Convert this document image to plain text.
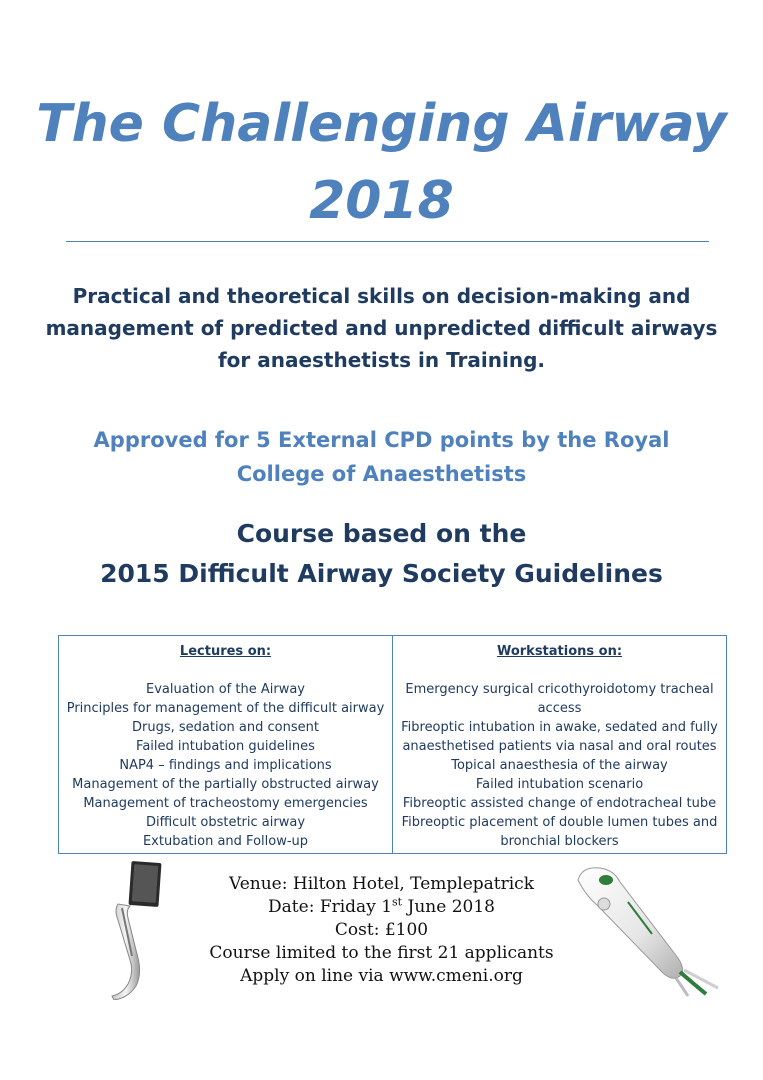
The Challenging Airway
2018
Practical and theoretical skills on decision-making and
management of predicted and unpredicted difficult airways
for anaesthetists in Training.
Approved for 5 External CPD points by the Royal
College of Anaesthetists
Course based on the
2015 Difficult Airway Society Guidelines
Lectures on:
Evaluation of the Airway
Principles for management of the difficult airway
Drugs, sedation and consent
Failed intubation guidelines
NAP4 – findings and implications
Management of the partially obstructed airway
Management of tracheostomy emergencies
Difficult obstetric airway
Extubation and Follow-up
Workstations on:
Emergency surgical cricothyroidotomy tracheal
access
Fibreoptic intubation in awake, sedated and fully
anaesthetised patients via nasal and oral routes
Topical anaesthesia of the airway
Failed intubation scenario
Fibreoptic assisted change of endotracheal tube
Fibreoptic placement of double lumen tubes and
bronchial blockers
Venue: Hilton Hotel, Templepatrick
Date: Friday 1st June 2018
Cost: £100
Course limited to the first 21 applicants
Apply on line via www.cmeni.org
